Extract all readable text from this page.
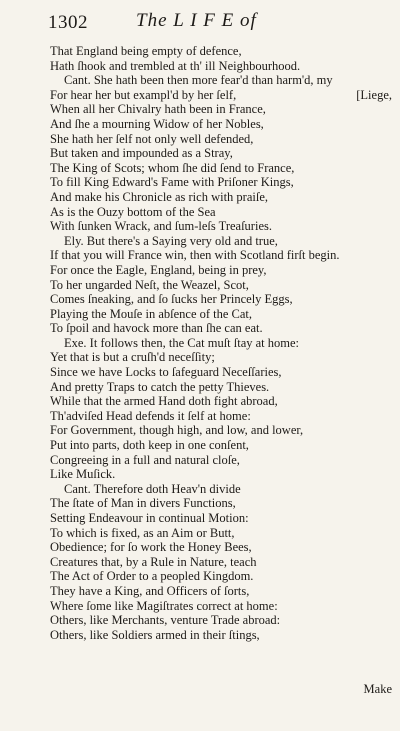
1302	The L I F E of
That England being empty of defence,
Hath ſhook and trembled at th' ill Neighbourhood.
Cant. She hath been then more fear'd than harm'd, my
For hear her but exampl'd by her ſelf,	[Liege,
When all her Chivalry hath been in France,
And ſhe a mourning Widow of her Nobles,
She hath her ſelf not only well defended,
But taken and impounded as a Stray,
The King of Scots; whom ſhe did ſend to France,
To fill King Edward's Fame with Priſoner Kings,
And make his Chronicle as rich with praiſe,
As is the Ouzy bottom of the Sea
With ſunken Wrack, and ſum-leſs Treaſuries.
Ely. But there's a Saying very old and true,
If that you will France win, then with Scotland firſt begin.
For once the Eagle, England, being in prey,
To her ungarded Neſt, the Weazel, Scot,
Comes ſneaking, and ſo ſucks her Princely Eggs,
Playing the Mouſe in abſence of the Cat,
To ſpoil and havock more than ſhe can eat.
Exe. It follows then, the Cat muſt ſtay at home:
Yet that is but a cruſh'd neceſſity;
Since we have Locks to ſafeguard Neceſſaries,
And pretty Traps to catch the petty Thieves.
While that the armed Hand doth fight abroad,
Th'adviſed Head defends it ſelf at home:
For Government, though high, and low, and lower,
Put into parts, doth keep in one conſent,
Congreeing in a full and natural cloſe,
Like Muſick.
Cant. Therefore doth Heav'n divide
The ſtate of Man in divers Functions,
Setting Endeavour in continual Motion:
To which is fixed, as an Aim or Butt,
Obedience; for ſo work the Honey Bees,
Creatures that, by a Rule in Nature, teach
The Act of Order to a peopled Kingdom.
They have a King, and Officers of ſorts,
Where ſome like Magiſtrates correct at home:
Others, like Merchants, venture Trade abroad:
Others, like Soldiers armed in their ſtings,
Make
